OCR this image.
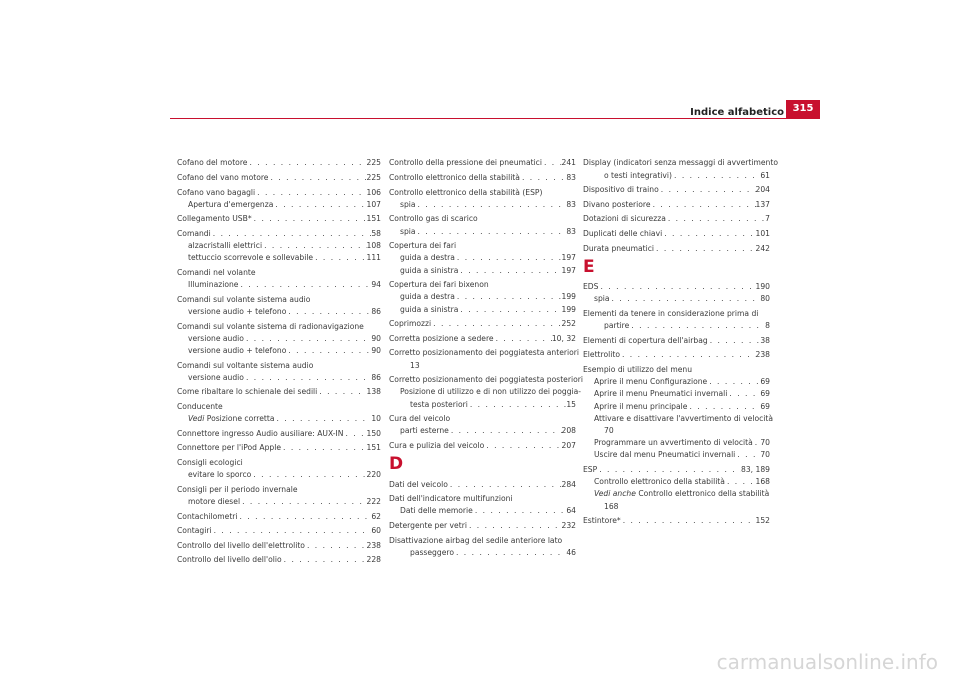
315
Indice alfabetico
Cofano del motore . . .	225
Cofano del vano motore . . .	225
Cofano vano bagagli . . .	106
Apertura d'emergenza . . .	107
Collegamento USB* . . .	151
Comandi . . .	58
alzacristalli elettrici . . .	108
tettuccio scorrevole e sollevabile . . .	111
Comandi nel volante
Illuminazione . . .	94
Comandi sul volante sistema audio
versione audio + telefono . . .	86
Comandi sul volante sistema di radionavigazione
versione audio . . .	90
versione audio + telefono . . .	90
Comandi sul voltante sistema audio
versione audio . . .	86
Come ribaltare lo schienale dei sedili . . .	138
Conducente
Vedi Posizione corretta . . .	10
Connettore ingresso Audio ausiliare: AUX-IN . . .	150
Connettore per l'iPod Apple . . .	151
Consigli ecologici
evitare lo sporco . . .	220
Consigli per il periodo invernale
motore diesel . . .	222
Contachilometri . . .	62
Contagiri . . .	60
Controllo del livello dell'elettrolito . . .	238
Controllo del livello dell'olio . . .	228
Controllo della pressione dei pneumatici . . .	241
Controllo elettronico della stabilità . . .	83
Controllo elettronico della stabilità (ESP)
spia . . .	83
Controllo gas di scarico
spia . . .	83
Copertura dei fari
guida a destra . . .	197
guida a sinistra . . .	197
Copertura dei fari bixenon
guida a destra . . .	199
guida a sinistra . . .	199
Coprimozzi . . .	252
Corretta posizione a sedere . . .	10, 32
Corretto posizionamento dei poggiatesta anteriori
13
Corretto posizionamento dei poggiatesta posteriori
Posizione di utilizzo e di non utilizzo dei poggia-
testa posteriori . . .	15
Cura del veicolo
parti esterne . . .	208
Cura e pulizia del veicolo . . .	207
D
Dati del veicolo . . .	284
Dati dell'indicatore multifunzioni
Dati delle memorie . . .	64
Detergente per vetri . . .	232
Disattivazione airbag del sedile anteriore lato
passeggero . . .	46
Display (indicatori senza messaggi di avvertimento
o testi integrativi) . . .	61
Dispositivo di traino . . .	204
Divano posteriore . . .	137
Dotazioni di sicurezza . . .	7
Duplicati delle chiavi . . .	101
Durata pneumatici . . .	242
E
EDS . . .	190
spia . . .	80
Elementi da tenere in considerazione prima di
partire . . .	8
Elementi di copertura dell'airbag . . .	38
Elettrolito . . .	238
Esempio di utilizzo del menu
Aprire il menu Configurazione . . .	69
Aprire il menu Pneumatici invernali . . .	69
Aprire il menu principale . . .	69
Attivare e disattivare l'avvertimento di velocità
70
Programmare un avvertimento di velocità . . . 70
Uscire dal menu Pneumatici invernali . . .	70
ESP . . .	83, 189
Controllo elettronico della stabilità . . .	168
Vedi anche Controllo elettronico della stabilità
168
Estintore* . . .	152
carmanualsonline.info
